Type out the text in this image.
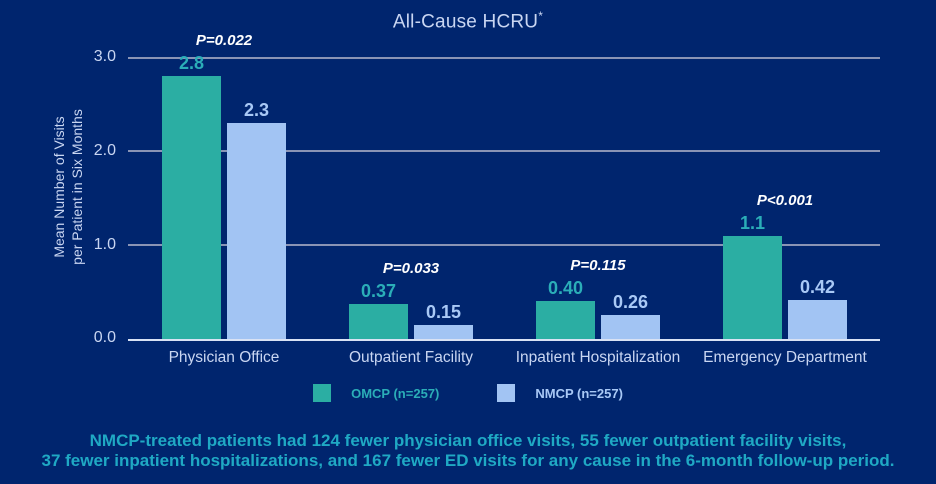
All-Cause HCRU*
Mean Number of Visits per Patient in Six Months
3.0
2.0
1.0
0.0
P=0.022
2.8
2.3
Physician Office
P=0.033
0.37
0.15
Outpatient Facility
P=0.115
0.40
0.26
Inpatient Hospitalization
P<0.001
1.1
0.42
Emergency Department
OMCP (n=257)	NMCP (n=257)
NMCP-treated patients had 124 fewer physician office visits, 55 fewer outpatient facility visits,
37 fewer inpatient hospitalizations, and 167 fewer ED visits for any cause in the 6-month follow-up period.
